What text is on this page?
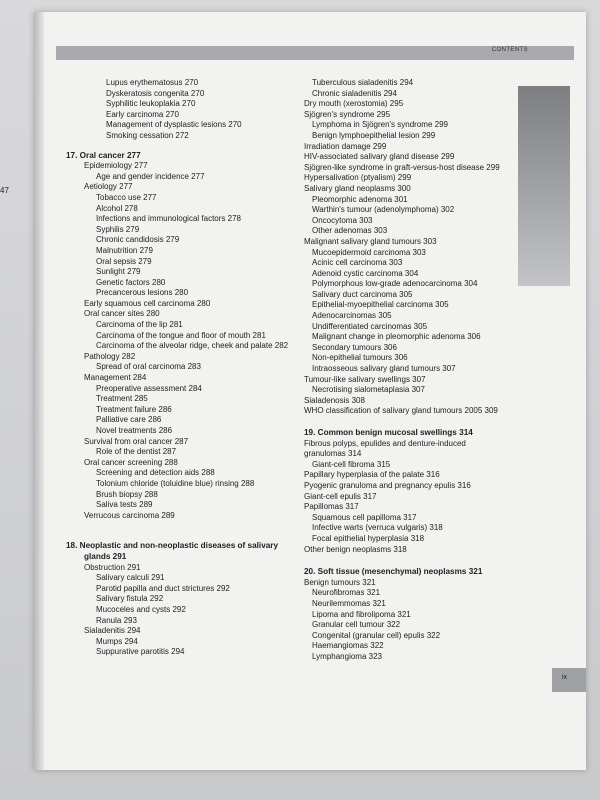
CONTENTS
ix
Lupus erythematosus 270
Dyskeratosis congenita 270
Syphilitic leukoplakia 270
Early carcinoma 270
Management of dysplastic lesions 270
Smoking cessation 272
17. Oral cancer 277
Epidemiology 277
Age and gender incidence 277
Aetiology 277
Tobacco use 277
Alcohol 278
Infections and immunological factors 278
Syphilis 279
Chronic candidosis 279
Malnutrition 279
Oral sepsis 279
Sunlight 279
Genetic factors 280
Precancerous lesions 280
Early squamous cell carcinoma 280
Oral cancer sites 280
Carcinoma of the lip 281
Carcinoma of the tongue and floor of mouth 281
Carcinoma of the alveolar ridge, cheek and palate 282
Pathology 282
Spread of oral carcinoma 283
Management 284
Preoperative assessment 284
Treatment 285
Treatment failure 286
Palliative care 286
Novel treatments 286
Survival from oral cancer 287
Role of the dentist 287
Oral cancer screening 288
Screening and detection aids 288
Tolonium chloride (toluidine blue) rinsing 288
Brush biopsy 288
Saliva tests 289
Verrucous carcinoma 289
18. Neoplastic and non-neoplastic diseases of salivary
glands 291
Obstruction 291
Salivary calculi 291
Parotid papilla and duct strictures 292
Salivary fistula 292
Mucoceles and cysts 292
Ranula 293
Sialadenitis 294
Mumps 294
Suppurative parotitis 294
Tuberculous sialadenitis 294
Chronic sialadenitis 294
Dry mouth (xerostomia) 295
Sjögren's syndrome 295
Lymphoma in Sjögren's syndrome 299
Benign lymphoepithelial lesion 299
Irradiation damage 299
HIV-associated salivary gland disease 299
Sjögren-like syndrome in graft-versus-host disease 299
Hypersalivation (ptyalism) 299
Salivary gland neoplasms 300
Pleomorphic adenoma 301
Warthin's tumour (adenolymphoma) 302
Oncocytoma 303
Other adenomas 303
Malignant salivary gland tumours 303
Mucoepidermoid carcinoma 303
Acinic cell carcinoma 303
Adenoid cystic carcinoma 304
Polymorphous low-grade adenocarcinoma 304
Salivary duct carcinoma 305
Epithelial-myoepithelial carcinoma 305
Adenocarcinomas 305
Undifferentiated carcinomas 305
Malignant change in pleomorphic adenoma 306
Secondary tumours 306
Non-epithelial tumours 306
Intraosseous salivary gland tumours 307
Tumour-like salivary swellings 307
Necrotising sialometaplasia 307
Sialadenosis 308
WHO classification of salivary gland tumours 2005 309
19. Common benign mucosal swellings 314
Fibrous polyps, epulides and denture-induced
granulomas 314
Giant-cell fibroma 315
Papillary hyperplasia of the palate 316
Pyogenic granuloma and pregnancy epulis 316
Giant-cell epulis 317
Papillomas 317
Squamous cell papilloma 317
Infective warts (verruca vulgaris) 318
Focal epithelial hyperplasia 318
Other benign neoplasms 318
20. Soft tissue (mesenchymal) neoplasms 321
Benign tumours 321
Neurofibromas 321
Neurilemmomas 321
Lipoma and fibrolipoma 321
Granular cell tumour 322
Congenital (granular cell) epulis 322
Haemangiomas 322
Lymphangioma 323
47
